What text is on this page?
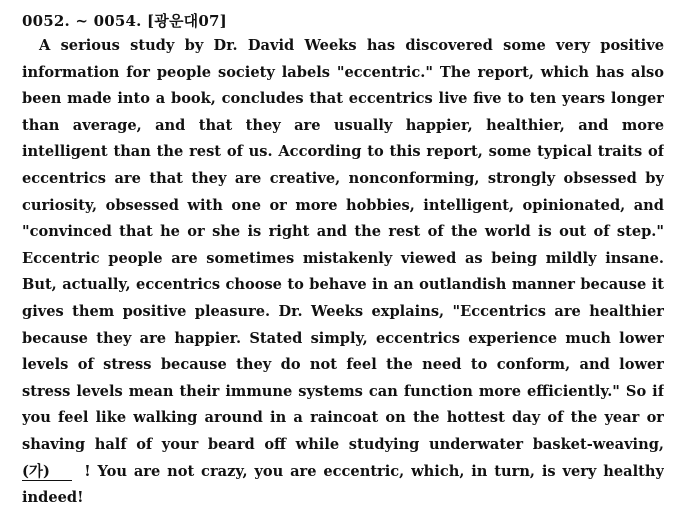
0052. ~ 0054. [광운대07]
A serious study by Dr. David Weeks has discovered some very positive
information for people society labels "eccentric." The report, which has also
been made into a book, concludes that eccentrics live five to ten years longer
than average, and that they are usually happier, healthier, and more
intelligent than the rest of us. According to this report, some typical traits of
eccentrics are that they are creative, nonconforming, strongly obsessed by
curiosity, obsessed with one or more hobbies, intelligent, opinionated, and
"convinced that he or she is right and the rest of the world is out of step."
Eccentric people are sometimes mistakenly viewed as being mildly insane.
But, actually, eccentrics choose to behave in an outlandish manner because it
gives them positive pleasure. Dr. Weeks explains, "Eccentrics are healthier
because they are happier. Stated simply, eccentrics experience much lower
levels of stress because they do not feel the need to conform, and lower
stress levels mean their immune systems can function more efficiently." So if
you feel like walking around in a raincoat on the hottest day of the year or
shaving half of your beard off while studying underwater basket-weaving,
(가) ! You are not crazy, you are eccentric, which, in turn, is very healthy
indeed!
